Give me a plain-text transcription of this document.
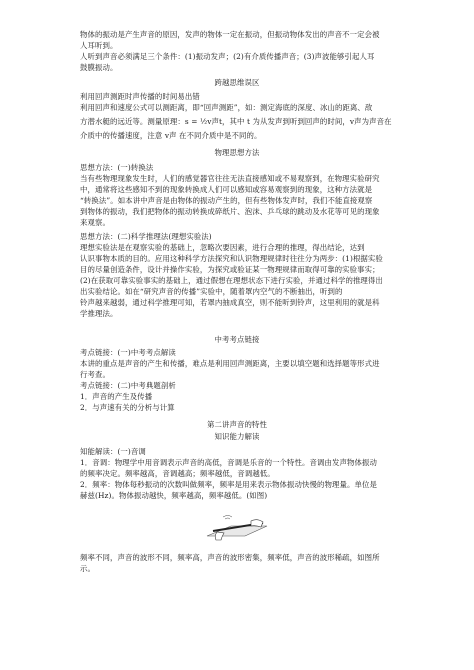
物体的振动是产生声音的原因，发声的物体一定在振动，但振动物体发出的声音不一定会被
人耳听到。
人听到声音必须满足三个条件：(1)振动发声；(2)有介质传播声音；(3)声波能够引起人耳
鼓膜振动。
跨越思维误区
利用回声测距时声传播的时间易出错
利用回声和速度公式可以测距离，即“回声测距”，如：测定海底的深度、冰山的距离、敌
方潜水艇的远近等。测量原理：s = ½v声t，其中 t 为从发声到听到回声的时间，v声为声音在
介质中的传播速度，注意 v声 在不同介质中是不同的。
物理思想方法
思想方法：(一)转换法
当有些物理现象发生时，人们的感觉器官往往无法直接感知或不易观察到，在物理实验研究
中，通常将这些感知不到的现象转换成人们可以感知或容易观察到的现象，这种方法就是
“转换法”。如本讲中声音是由物体的振动产生的，但有些物体发声时，我们不能直接观察
到物体的振动，我们把物体的振动转换成碎纸片、泡沫、乒乓球的跳动及水花等可见的现象
来观察。
思想方法：(二)科学推理法(理想实验法)
理想实验法是在观察实验的基础上，忽略次要因素，进行合理的推理，得出结论，达到
认识事物本质的目的。应用这种科学方法探究和认识物理规律时往往分为两步：(1)根据实验
目的尽量创造条件，设计并操作实验，为探究或验证某一物理规律而取得可靠的实验事实；
(2)在获取可靠实验事实的基础上，通过假想在理想状态下进行实验，并通过科学的推理得出
出实验结论。如在“研究声音的传播”实验中，随着罩内空气的不断抽出，听到的
铃声越来越弱，通过科学推理可知，若罩内抽成真空，则不能听到铃声，这里利用的就是科
学推理法。
中考考点链接
考点链接：(一)中考考点解读
本讲的重点是声音的产生和传播，难点是利用回声测距离，主要以填空题和选择题等形式进
行考查。
考点链接：(二)中考典题剖析
1．声音的产生及传播
2．与声速有关的分析与计算
第二讲声音的特性
知识能力解读
知能解读：(一)音调
1．音调：物理学中用音调表示声音的高低，音调是乐音的一个特性。音调由发声物体振动
的频率决定。频率越高，音调越高；频率越低，音调越低。
2．频率：物体每秒振动的次数叫做频率，频率是用来表示物体振动快慢的物理量。单位是
赫兹(Hz)。物体振动越快，频率越高，频率越低。(如图)
频率不同，声音的波形不同，频率高，声音的波形密集，频率低，声音的波形稀疏，如图所
示。
